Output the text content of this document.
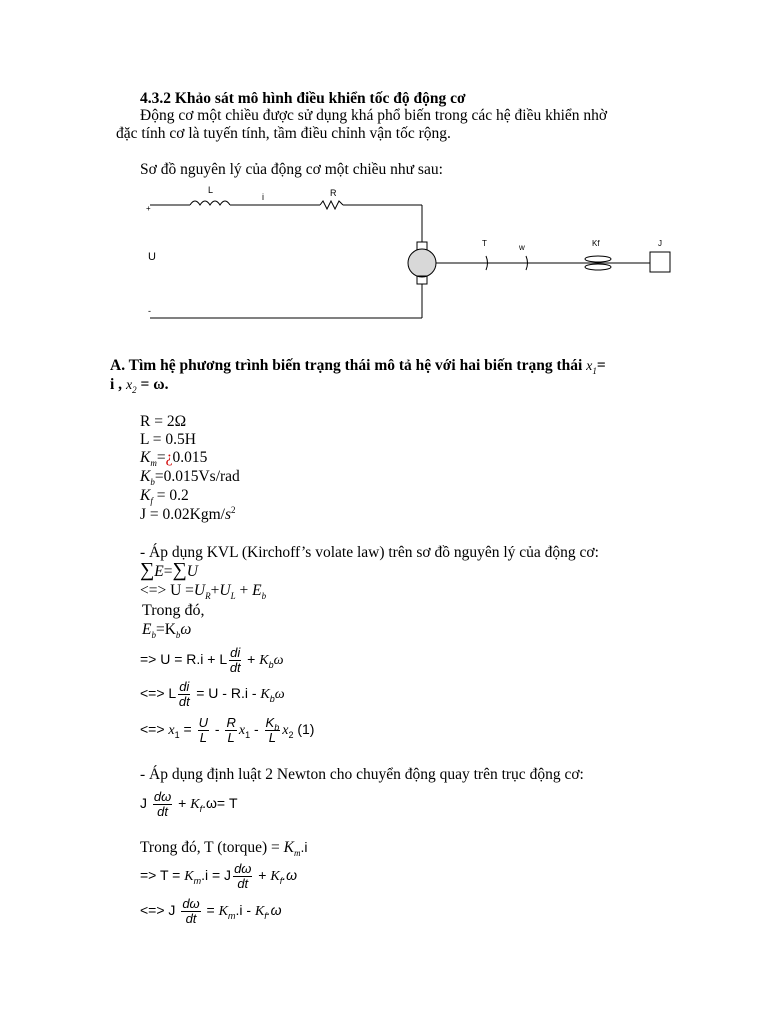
4.3.2 Khảo sát mô hình điều khiển tốc độ động cơ
Động cơ một chiều được sử dụng khá phổ biến trong các hệ điều khiển nhờ
đặc tính cơ là tuyến tính, tầm điều chỉnh vận tốc rộng.
Sơ đồ nguyên lý của động cơ một chiều như sau:
+
L
i	R
U
-
T	w	Kf	J
A. Tìm hệ phương trình biến trạng thái mô tả hệ với hai biến trạng thái $x_1=$
i , $x_2 = \omega$.
R = 2Ω
L = 0.5H
$K_m=¿0.015$
$K_b=0.015Vs$/rad
$K_f = 0.2$
$J = 0.02Kgm/s^2$
- Áp dụng KVL (Kirchoff’s volate law) trên sơ đồ nguyên lý của động cơ:
∑E=∑U
<=> $U =U_R+U_L + E_b$
Trong đó,
$E_b=K_b\omega$
=> U = R.i + L $\frac{di}{dt} + K_b\omega$
<=> L $\frac{di}{dt} = U - R.i - K_b\omega$
<=> $x_1 = \frac{U}{L} - \frac{R}{L} x_1 - \frac{K_b}{L} x_2$ (1)
- Áp dụng định luật 2 Newton cho chuyển động quay trên trục động cơ:
J $\frac{d\omega}{dt} + K_f.\omega= T$
Trong đó, T (torque) = $K_m.i$
=> $T = K_m.i = J \frac{d\omega}{dt} + K_f.\omega$
<=> J $\frac{d\omega}{dt} = K_m.i - K_f.\omega$
